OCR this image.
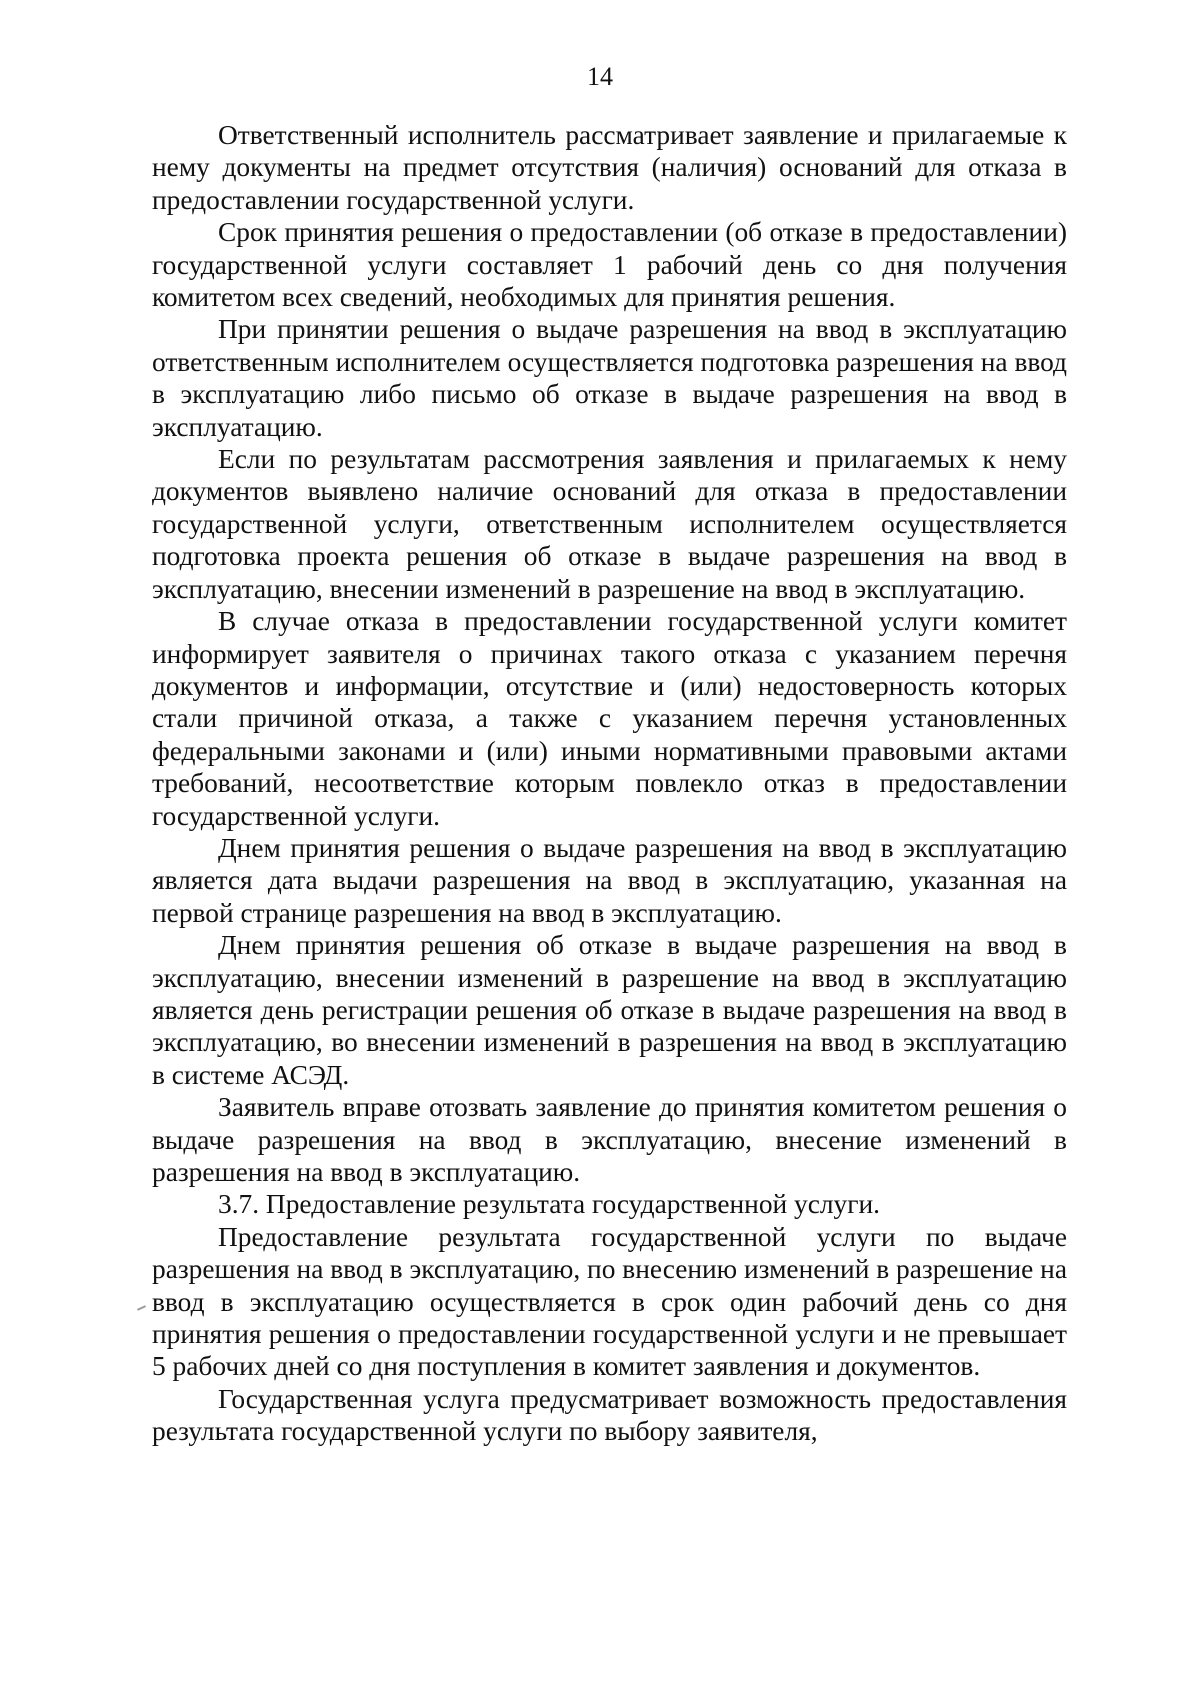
14

Ответственный исполнитель рассматривает заявление и прилагаемые к нему документы на предмет отсутствия (наличия) оснований для отказа в предоставлении государственной услуги.

Срок принятия решения о предоставлении (об отказе в предоставлении) государственной услуги составляет 1 рабочий день со дня получения комитетом всех сведений, необходимых для принятия решения.

При принятии решения о выдаче разрешения на ввод в эксплуатацию ответственным исполнителем осуществляется подготовка разрешения на ввод в эксплуатацию либо письмо об отказе в выдаче разрешения на ввод в эксплуатацию.

Если по результатам рассмотрения заявления и прилагаемых к нему документов выявлено наличие оснований для отказа в предоставлении государственной услуги, ответственным исполнителем осуществляется подготовка проекта решения об отказе в выдаче разрешения на ввод в эксплуатацию, внесении изменений в разрешение на ввод в эксплуатацию.

В случае отказа в предоставлении государственной услуги комитет информирует заявителя о причинах такого отказа с указанием перечня документов и информации, отсутствие и (или) недостоверность которых стали причиной отказа, а также с указанием перечня установленных федеральными законами и (или) иными нормативными правовыми актами требований, несоответствие которым повлекло отказ в предоставлении государственной услуги.

Днем принятия решения о выдаче разрешения на ввод в эксплуатацию является дата выдачи разрешения на ввод в эксплуатацию, указанная на первой странице разрешения на ввод в эксплуатацию.

Днем принятия решения об отказе в выдаче разрешения на ввод в эксплуатацию, внесении изменений в разрешение на ввод в эксплуатацию является день регистрации решения об отказе в выдаче разрешения на ввод в эксплуатацию, во внесении изменений в разрешения на ввод в эксплуатацию в системе АСЭД.

Заявитель вправе отозвать заявление до принятия комитетом решения о выдаче разрешения на ввод в эксплуатацию, внесение изменений в разрешения на ввод в эксплуатацию.

3.7. Предоставление результата государственной услуги.

Предоставление результата государственной услуги по выдаче разрешения на ввод в эксплуатацию, по внесению изменений в разрешение на ввод в эксплуатацию осуществляется в срок один рабочий день со дня принятия решения о предоставлении государственной услуги и не превышает 5 рабочих дней со дня поступления в комитет заявления и документов.

Государственная услуга предусматривает возможность предоставления результата государственной услуги по выбору заявителя,
